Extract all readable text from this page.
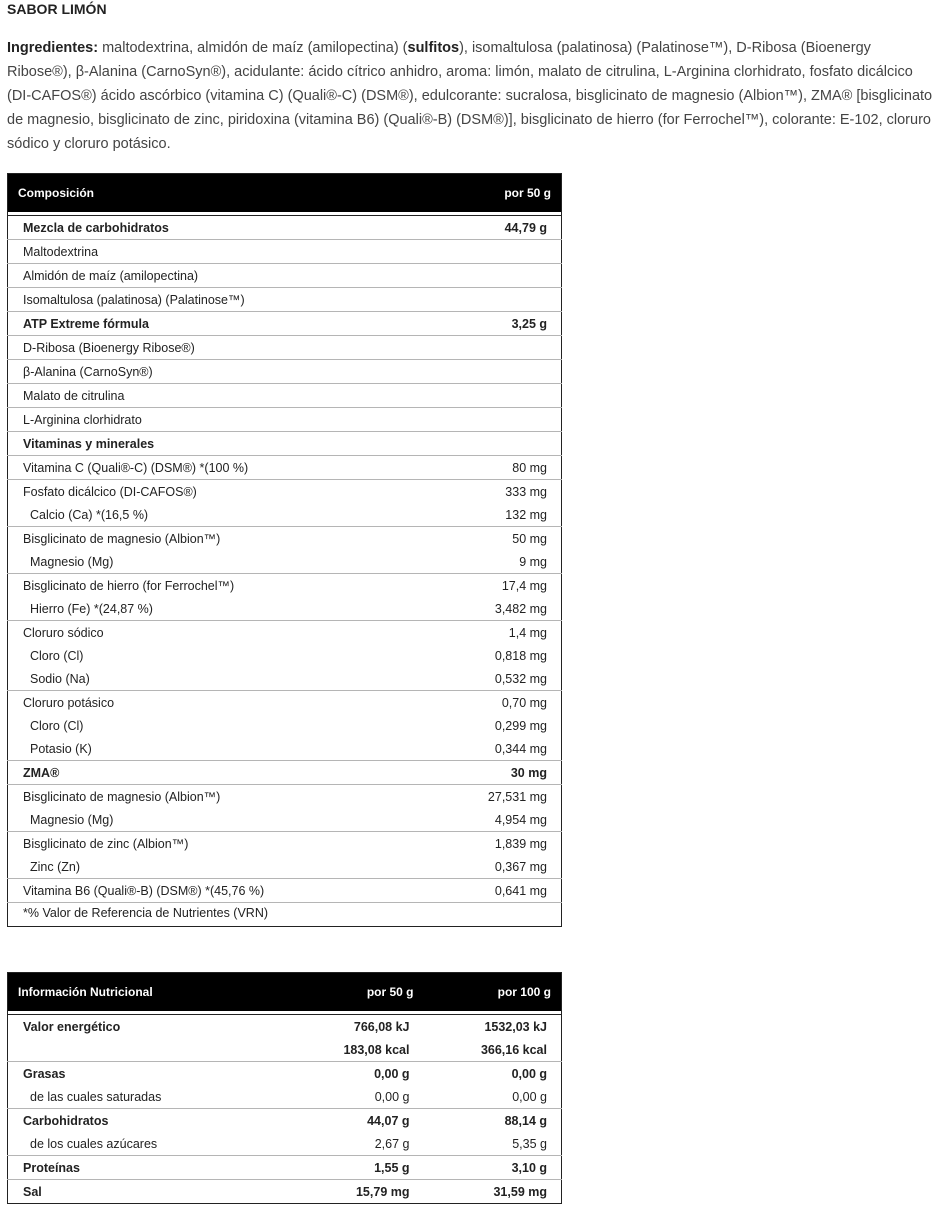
SABOR LIMÓN

Ingredientes: maltodextrina, almidón de maíz (amilopectina) (sulfitos), isomaltulosa (palatinosa) (Palatinose™), D-Ribosa (Bioenergy Ribose®), β-Alanina (CarnoSyn®), acidulante: ácido cítrico anhidro, aroma: limón, malato de citrulina, L-Arginina clorhidrato, fosfato dicálcico (DI-CAFOS®) ácido ascórbico (vitamina C) (Quali®-C) (DSM®), edulcorante: sucralosa, bisglicinato de magnesio (Albion™), ZMA® [bisglicinato de magnesio, bisglicinato de zinc, piridoxina (vitamina B6) (Quali®-B) (DSM®)], bisglicinato de hierro (for Ferrochel™), colorante: E-102, cloruro sódico y cloruro potásico.

Composición	por 50 g

Mezcla de carbohidratos	44,79 g
Maltodextrina	
Almidón de maíz (amilopectina)	
Isomaltulosa (palatinosa) (Palatinose™)	
ATP Extreme fórmula	3,25 g
D-Ribosa (Bioenergy Ribose®)	
β-Alanina (CarnoSyn®)	
Malato de citrulina	
L-Arginina clorhidrato	
Vitaminas y minerales	
Vitamina C (Quali®-C) (DSM®) *(100 %)	80 mg
Fosfato dicálcico (DI-CAFOS®)	333 mg
Calcio (Ca) *(16,5 %)	132 mg
Bisglicinato de magnesio (Albion™)	50 mg
Magnesio (Mg)	9 mg
Bisglicinato de hierro (for Ferrochel™)	17,4 mg
Hierro (Fe) *(24,87 %)	3,482 mg
Cloruro sódico	1,4 mg
Cloro (Cl)	0,818 mg
Sodio (Na)	0,532 mg
Cloruro potásico	0,70 mg
Cloro (Cl)	0,299 mg
Potasio (K)	0,344 mg
ZMA®	30 mg
Bisglicinato de magnesio (Albion™)	27,531 mg
Magnesio (Mg)	4,954 mg
Bisglicinato de zinc (Albion™)	1,839 mg
Zinc (Zn)	0,367 mg
Vitamina B6 (Quali®-B) (DSM®) *(45,76 %)	0,641 mg
*% Valor de Referencia de Nutrientes (VRN)	
Información Nutricional	por 50 g	por 100 g

Valor energético	766,08 kJ	1532,03 kJ
	183,08 kcal	366,16 kcal
Grasas	0,00 g	0,00 g
de las cuales saturadas	0,00 g	0,00 g
Carbohidratos	44,07 g	88,14 g
de los cuales azúcares	2,67 g	5,35 g
Proteínas	1,55 g	3,10 g
Sal	15,79 mg	31,59 mg
